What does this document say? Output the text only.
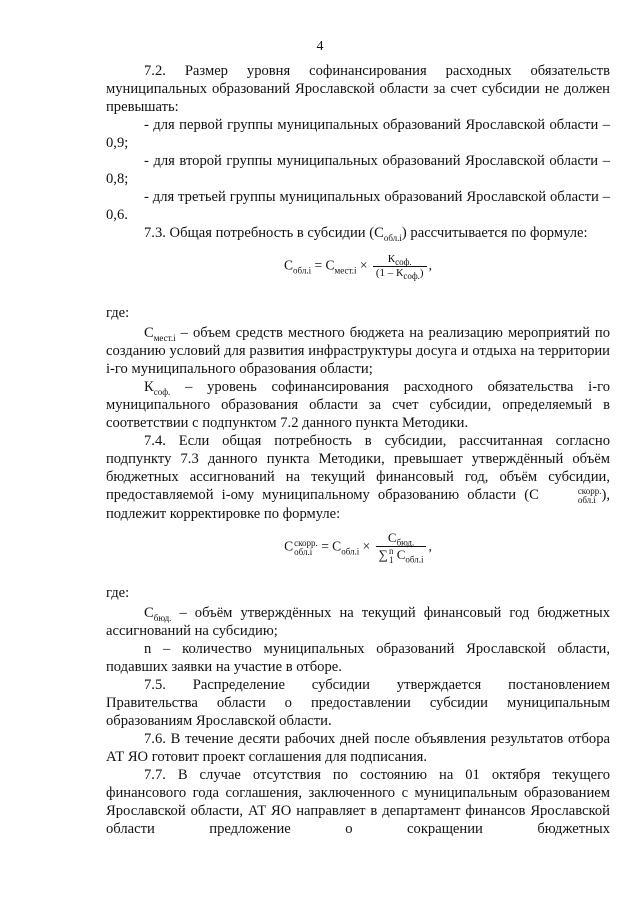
4

7.2. Размер уровня софинансирования расходных обязательств муниципальных образований Ярославской области за счет субсидии не должен превышать:

- для первой группы муниципальных образований Ярославской области – 0,9;

- для второй группы муниципальных образований Ярославской области – 0,8;

- для третьей группы муниципальных образований Ярославской области – 0,6.

7.3. Общая потребность в субсидии $(С_{обл.i})$ рассчитывается по формуле:

$С_{обл.i} = С_{мест.i} \times \frac{К_{соф.}}{(1 - К_{соф.})}$ ,

где:

$С_{мест.i}$ – объем средств местного бюджета на реализацию мероприятий по созданию условий для развития инфраструктуры досуга и отдыха на территории i-го муниципального образования области;

$К_{соф.}$ – уровень софинансирования расходного обязательства i-го муниципального образования области за счет субсидии, определяемый в соответствии с подпунктом 7.2 данного пункта Методики.

7.4. Если общая потребность в субсидии, рассчитанная согласно подпункту 7.3 данного пункта Методики, превышает утверждённый объём бюджетных ассигнований на текущий финансовый год, объём субсидии, предоставляемой i-ому муниципальному образованию области (С	скорр.
обл.i ), подлежит корректировке по формуле:

С скорр.
$обл.i = С_{обл.i} \times С_{бюд.}$
∑ n
1 $С_{обл.i}$ ,

где:

$С_{бюд.}$ – объём утверждённых на текущий финансовый год бюджетных ассигнований на субсидию;

n – количество муниципальных образований Ярославской области, подавших заявки на участие в отборе.

7.5. Распределение субсидии утверждается постановлением Правительства области о предоставлении субсидии муниципальным образованиям Ярославской области.

7.6. В течение десяти рабочих дней после объявления результатов отбора АТ ЯО готовит проект соглашения для подписания.

7.7. В случае отсутствия по состоянию на 01 октября текущего финансового года соглашения, заключенного с муниципальным образованием Ярославской области, АТ ЯО направляет в департамент финансов Ярославской области предложение о сокращении бюджетных
